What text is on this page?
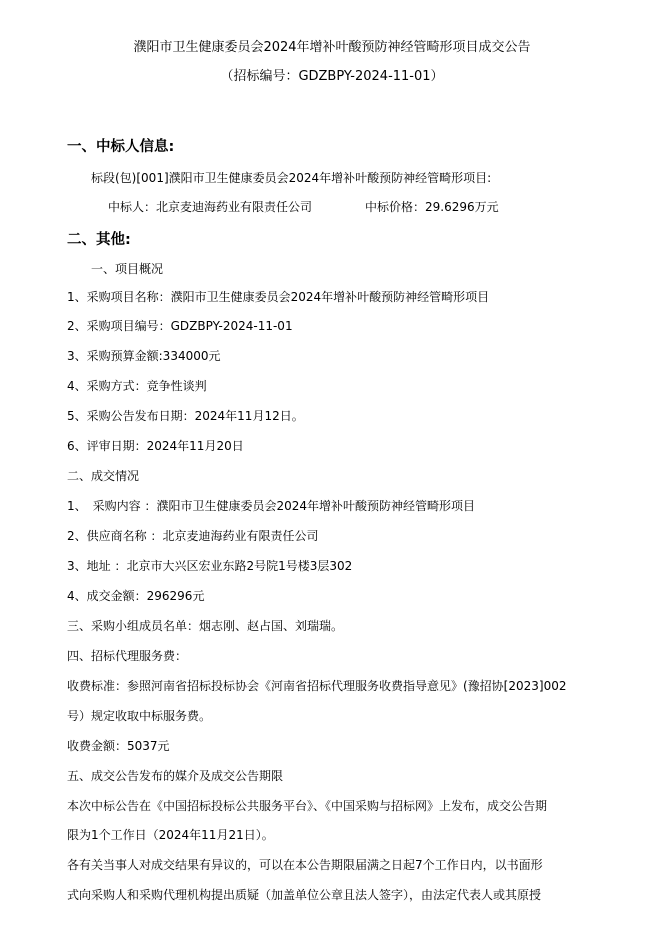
濮阳市卫生健康委员会2024年增补叶酸预防神经管畸形项目成交公告
（招标编号：GDZBPY-2024-11-01）
一、中标人信息:
标段(包)[001]濮阳市卫生健康委员会2024年增补叶酸预防神经管畸形项目:
中标人：北京麦迪海药业有限责任公司	中标价格：29.6296万元
二、其他:
一、项目概况
1、采购项目名称：濮阳市卫生健康委员会2024年增补叶酸预防神经管畸形项目
2、采购项目编号：GDZBPY-2024-11-01
3、采购预算金额:334000元
4、采购方式：竞争性谈判
5、采购公告发布日期：2024年11月12日。
6、评审日期：2024年11月20日
二、成交情况
1、　采购内容 ：濮阳市卫生健康委员会2024年增补叶酸预防神经管畸形项目
2、供应商名称 ：北京麦迪海药业有限责任公司
3、地址 ：北京市大兴区宏业东路2号院1号楼3层302
4、成交金额：296296元
三、采购小组成员名单：烟志刚、赵占国、刘瑞瑞。
四、招标代理服务费：
收费标准：参照河南省招标投标协会《河南省招标代理服务收费指导意见》(豫招协[2023]002
号）规定收取中标服务费。
收费金额：5037元
五、成交公告发布的媒介及成交公告期限
本次中标公告在《中国招标投标公共服务平台》、《中国采购与招标网》上发布，成交公告期
限为1个工作日（2024年11月21日）。
各有关当事人对成交结果有异议的，可以在本公告期限届满之日起7个工作日内，以书面形
式向采购人和采购代理机构提出质疑（加盖单位公章且法人签字），由法定代表人或其原授
